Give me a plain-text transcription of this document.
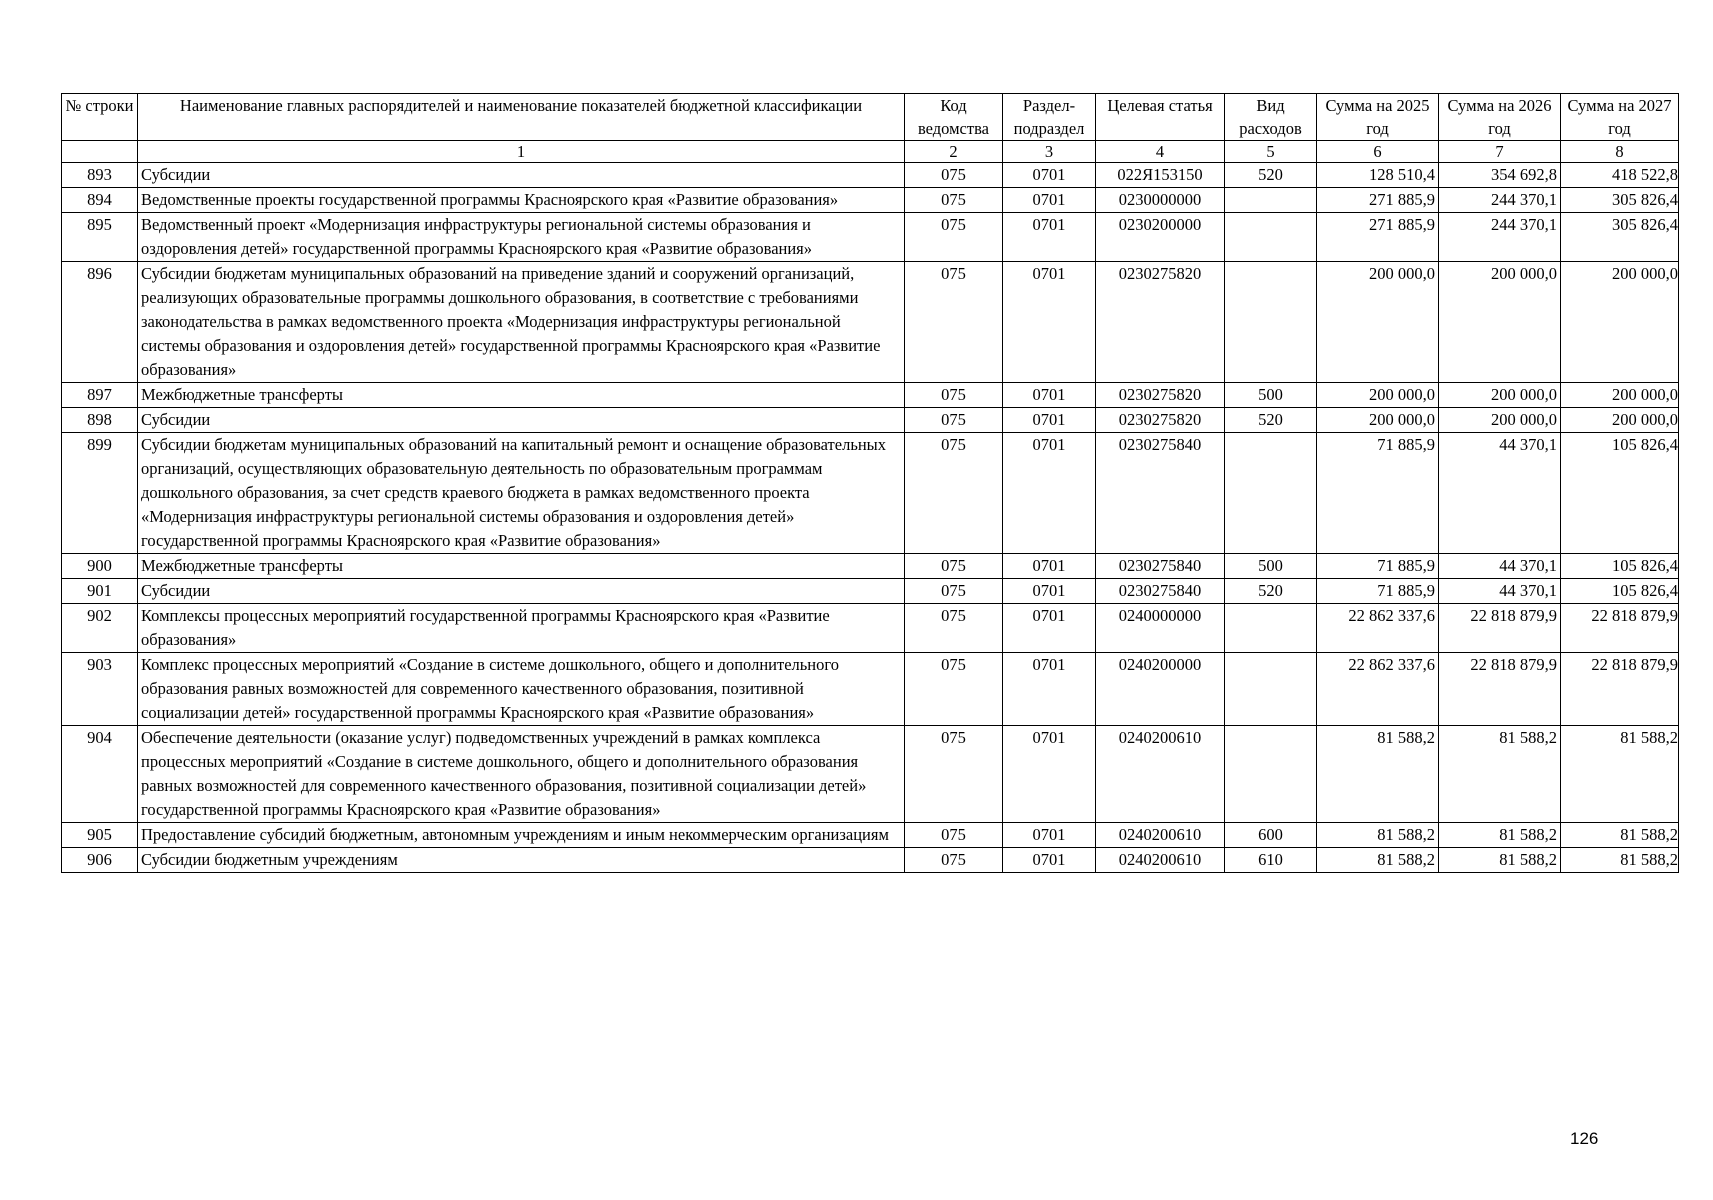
№ строки	Наименование главных распорядителей и наименование показателей бюджетной классификации	Код ведомства	Раздел-подраздел	Целевая статья	Вид расходов	Сумма на 2025 год	Сумма на 2026 год	Сумма на 2027 год
	1	2	3	4	5	6	7	8
893	Субсидии	075	0701	022Я153150	520	128 510,4	354 692,8	418 522,8
894	Ведомственные проекты государственной программы Красноярского края «Развитие образования»	075	0701	0230000000		271 885,9	244 370,1	305 826,4
895	Ведомственный проект «Модернизация инфраструктуры региональной системы образования и оздоровления детей» государственной программы Красноярского края «Развитие образования»	075	0701	0230200000		271 885,9	244 370,1	305 826,4
896	Субсидии бюджетам муниципальных образований на приведение зданий и сооружений организаций, реализующих образовательные программы дошкольного образования, в соответствие с требованиями законодательства в рамках ведомственного проекта «Модернизация инфраструктуры региональной системы образования и оздоровления детей» государственной программы Красноярского края «Развитие образования»	075	0701	0230275820		200 000,0	200 000,0	200 000,0
897	Межбюджетные трансферты	075	0701	0230275820	500	200 000,0	200 000,0	200 000,0
898	Субсидии	075	0701	0230275820	520	200 000,0	200 000,0	200 000,0
899	Субсидии бюджетам муниципальных образований на капитальный ремонт и оснащение образовательных организаций, осуществляющих образовательную деятельность по образовательным программам дошкольного образования, за счет средств краевого бюджета в рамках ведомственного проекта «Модернизация инфраструктуры региональной системы образования и оздоровления детей» государственной программы Красноярского края «Развитие образования»	075	0701	0230275840		71 885,9	44 370,1	105 826,4
900	Межбюджетные трансферты	075	0701	0230275840	500	71 885,9	44 370,1	105 826,4
901	Субсидии	075	0701	0230275840	520	71 885,9	44 370,1	105 826,4
902	Комплексы процессных мероприятий государственной программы Красноярского края «Развитие образования»	075	0701	0240000000		22 862 337,6	22 818 879,9	22 818 879,9
903	Комплекс процессных мероприятий «Создание в системе дошкольного, общего и дополнительного образования равных возможностей для современного качественного образования, позитивной социализации детей» государственной программы Красноярского края «Развитие образования»	075	0701	0240200000		22 862 337,6	22 818 879,9	22 818 879,9
904	Обеспечение деятельности (оказание услуг) подведомственных учреждений в рамках комплекса процессных мероприятий «Создание в системе дошкольного, общего и дополнительного образования равных возможностей для современного качественного образования, позитивной социализации детей» государственной программы Красноярского края «Развитие образования»	075	0701	0240200610		81 588,2	81 588,2	81 588,2
905	Предоставление субсидий бюджетным, автономным учреждениям и иным некоммерческим организациям	075	0701	0240200610	600	81 588,2	81 588,2	81 588,2
906	Субсидии бюджетным учреждениям	075	0701	0240200610	610	81 588,2	81 588,2	81 588,2
126
